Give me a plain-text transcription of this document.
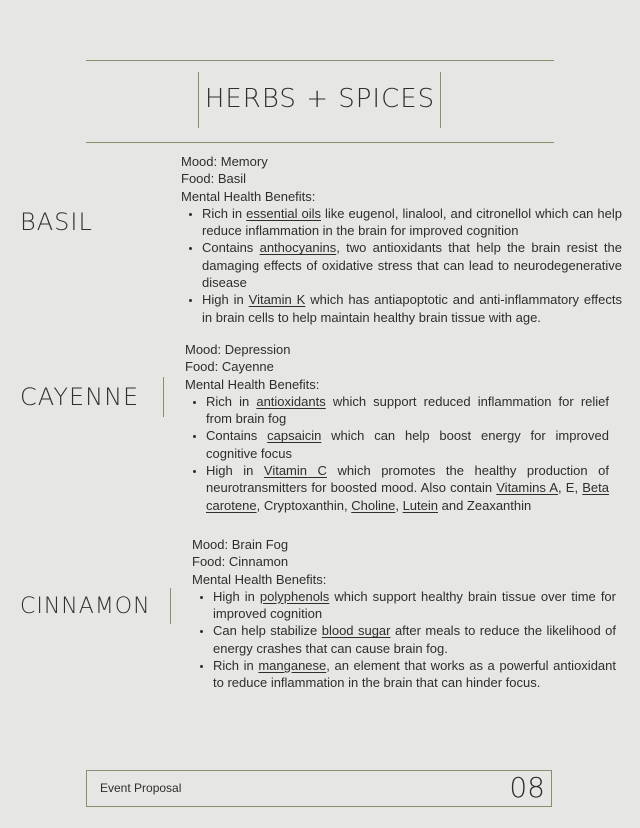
HERBS + SPICES
BASIL

Mood: Memory

Food: Basil

Mental Health Benefits:

• Rich in essential oils like eugenol, linalool, and citronellol which can help reduce inflammation in the brain for improved cognition
• Contains anthocyanins, two antioxidants that help the brain resist the damaging effects of oxidative stress that can lead to neurodegenerative disease
• High in Vitamin K which has antiapoptotic and anti-inflammatory effects in brain cells to help maintain healthy brain tissue with age.
CAYENNE

Mood: Depression

Food: Cayenne

Mental Health Benefits:

• Rich in antioxidants which support reduced inflammation for relief from brain fog
• Contains capsaicin which can help boost energy for improved cognitive focus
• High in Vitamin C which promotes the healthy production of neurotransmitters for boosted mood. Also contain Vitamins A, E, Beta carotene, Cryptoxanthin, Choline, Lutein and Zeaxanthin
CINNAMON

Mood: Brain Fog

Food: Cinnamon

Mental Health Benefits:

• High in polyphenols which support healthy brain tissue over time for improved cognition
• Can help stabilize blood sugar after meals to reduce the likelihood of energy crashes that can cause brain fog.
• Rich in manganese, an element that works as a powerful antioxidant to reduce inflammation in the brain that can hinder focus.
Event Proposal	08
